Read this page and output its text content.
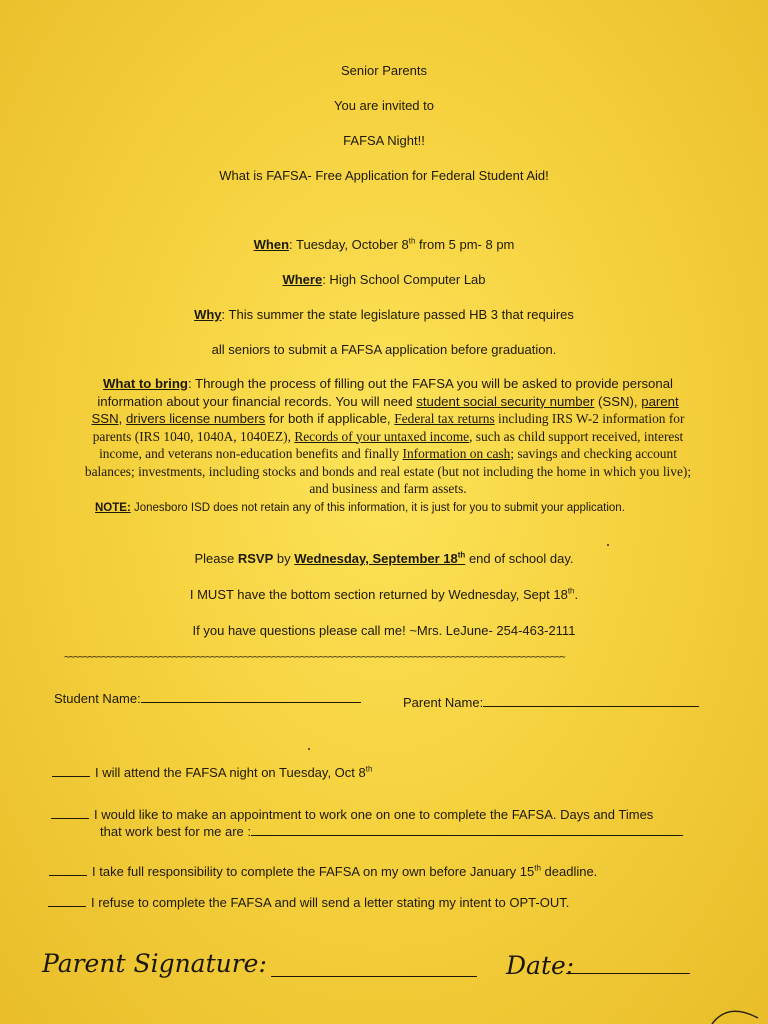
Senior Parents
You are invited to
FAFSA Night!!
What is FAFSA- Free Application for Federal Student Aid!
When: Tuesday, October 8th from 5 pm- 8 pm
Where: High School Computer Lab
Why: This summer the state legislature passed HB 3 that requires
all seniors to submit a FAFSA application before graduation.
What to bring: Through the process of filling out the FAFSA you will be asked to provide personal information about your financial records. You will need student social security number (SSN), parent SSN, drivers license numbers for both if applicable, Federal tax returns including IRS W-2 information for parents (IRS 1040, 1040A, 1040EZ), Records of your untaxed income, such as child support received, interest income, and veterans non-education benefits and finally Information on cash; savings and checking account balances; investments, including stocks and bonds and real estate (but not including the home in which you live); and business and farm assets.
NOTE: Jonesboro ISD does not retain any of this information, it is just for you to submit your application.
Please RSVP by Wednesday, September 18th end of school day.
I MUST have the bottom section returned by Wednesday, Sept 18th.
If you have questions please call me! ~Mrs. LeJune- 254-463-2111
~~~~~~~~~~~~~~~~~~~~~~~~~~~~~~~~~~~~~~~~~~~~~~~~~~~~~~~~~~~~~~~~~~~~~~~~~~~~~~~~~~~~~~~~~~~~~~~~~~~~~~~~~~
Student Name:	Parent Name:
I will attend the FAFSA night on Tuesday, Oct 8th
I would like to make an appointment to work one on one to complete the FAFSA. Days and Times
that work best for me are :
I take full responsibility to complete the FAFSA on my own before January 15th deadline.
I refuse to complete the FAFSA and will send a letter stating my intent to OPT-OUT.
Parent Signature:	Date:
